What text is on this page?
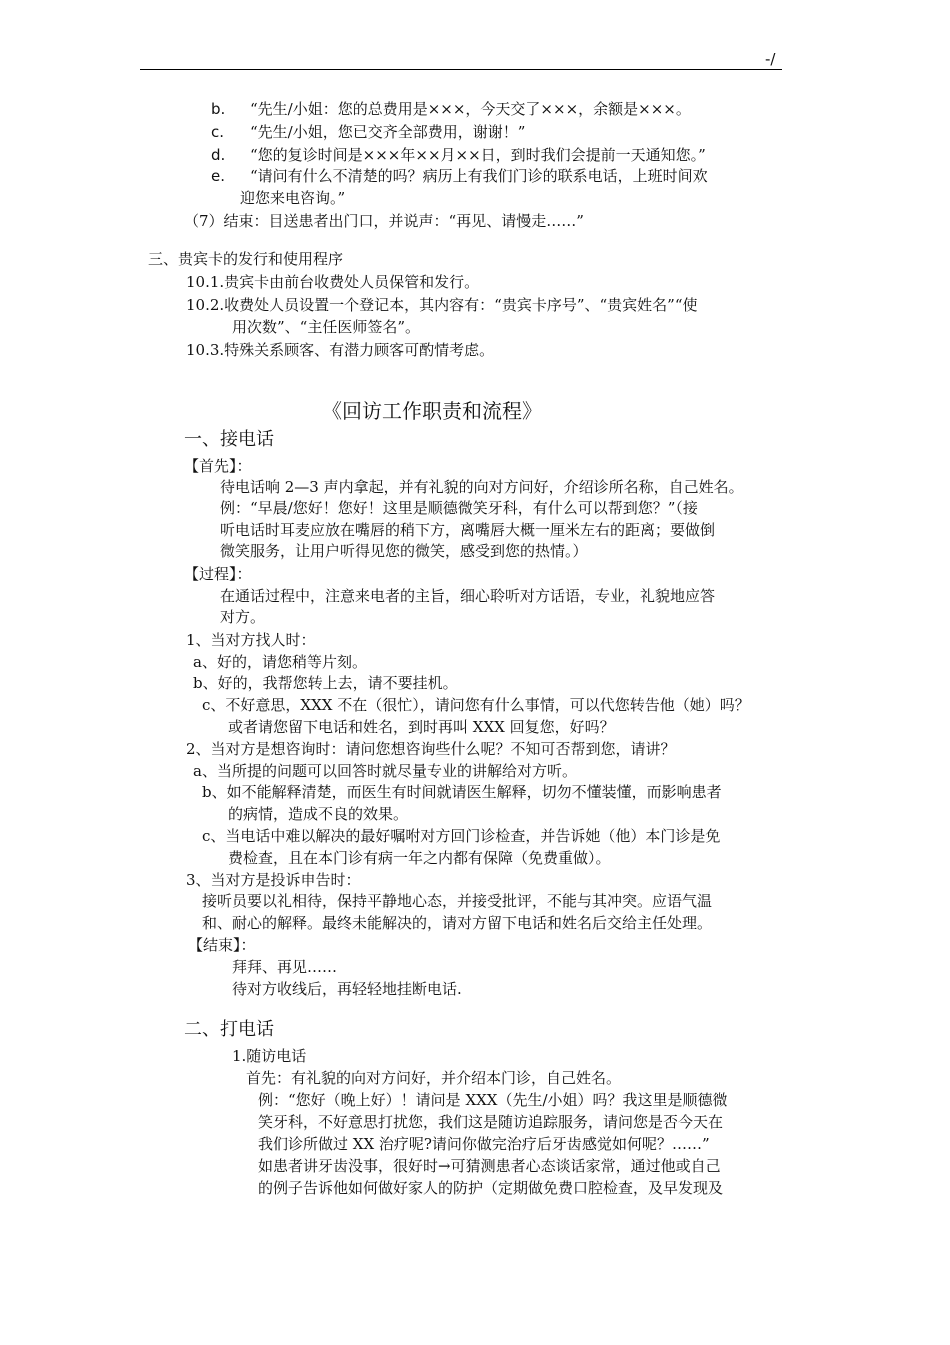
-/
b. “先生/小姐：您的总费用是×××，今天交了×××，余额是×××。
c. “先生/小姐，您已交齐全部费用，谢谢！”
d. “您的复诊时间是×××年××月××日，到时我们会提前一天通知您。”
e. “请问有什么不清楚的吗？病历上有我们门诊的联系电话，上班时间欢
迎您来电咨询。”
（7）结束：目送患者出门口，并说声：“再见、请慢走……”
三、贵宾卡的发行和使用程序
10.1.贵宾卡由前台收费处人员保管和发行。
10.2.收费处人员设置一个登记本，其内容有：“贵宾卡序号”、“贵宾姓名”“使
用次数”、“主任医师签名”。
10.3.特殊关系顾客、有潜力顾客可酌情考虑。
《回访工作职责和流程》
一、接电话
【首先】：
待电话响 2—3 声内拿起，并有礼貌的向对方问好，介绍诊所名称，自己姓名。
例：“早晨/您好！您好！这里是顺德微笑牙科，有什么可以帮到您？”（接
听电话时耳麦应放在嘴唇的稍下方，离嘴唇大概一厘米左右的距离；要做倒
微笑服务，让用户听得见您的微笑，感受到您的热情。）
【过程】：
在通话过程中，注意来电者的主旨，细心聆听对方话语，专业，礼貌地应答
对方。
1、当对方找人时：
a、好的，请您稍等片刻。
b、好的，我帮您转上去，请不要挂机。
c、不好意思，XXX 不在（很忙），请问您有什么事情，可以代您转告他（她）吗？
或者请您留下电话和姓名，到时再叫 XXX 回复您，好吗？
2、当对方是想咨询时：请问您想咨询些什么呢？不知可否帮到您，请讲？
a、当所提的问题可以回答时就尽量专业的讲解给对方听。
b、如不能解释清楚，而医生有时间就请医生解释，切勿不懂装懂，而影响患者
的病情，造成不良的效果。
c、当电话中难以解决的最好嘱咐对方回门诊检查，并告诉她（他）本门诊是免
费检查，且在本门诊有病一年之内都有保障（免费重做）。
3、当对方是投诉申告时：
接听员要以礼相待，保持平静地心态，并接受批评，不能与其冲突。应语气温
和、耐心的解释。最终未能解决的，请对方留下电话和姓名后交给主任处理。
【结束】：
拜拜、再见……
待对方收线后，再轻轻地挂断电话.
二、打电话
1.随访电话
首先：有礼貌的向对方问好，并介绍本门诊，自己姓名。
例：“您好（晚上好）！请问是 XXX（先生/小姐）吗？我这里是顺德微
笑牙科，不好意思打扰您，我们这是随访追踪服务，请问您是否今天在
我们诊所做过 XX 治疗呢?请问你做完治疗后牙齿感觉如何呢？……”
如患者讲牙齿没事，很好时→可猜测患者心态谈话家常，通过他或自己
的例子告诉他如何做好家人的防护（定期做免费口腔检查，及早发现及
